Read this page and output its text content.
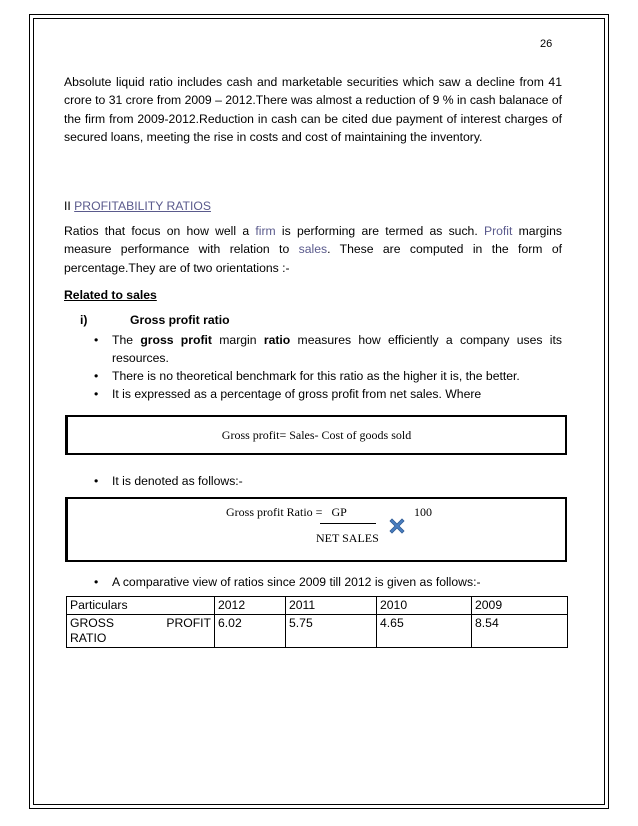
26
Absolute liquid ratio includes cash and marketable securities which saw a decline from 41 crore to 31 crore from 2009 – 2012.There was almost a reduction of 9 % in cash balanace of the firm from 2009-2012.Reduction in cash can be cited due payment of interest charges of secured loans, meeting the rise in costs and cost of maintaining the inventory.
II PROFITABILITY RATIOS
Ratios that focus on how well a firm is performing are termed as such. Profit margins measure performance with relation to sales. These are computed in the form of percentage.They are of two orientations :-
Related to sales
i)	Gross profit ratio
• The gross profit margin ratio measures how efficiently a company uses its resources.
• There is no theoretical benchmark for this ratio as the higher it is, the better.
• It is expressed as a percentage of gross profit from net sales. Where
Gross profit= Sales- Cost of goods sold
• It is denoted as follows:-
Gross profit Ratio = GP	100
NET SALES
• A comparative view of ratios since 2009 till 2012 is given as follows:-
Particulars	2012	2011	2010	2009

GROSS PROFIT
RATIO	6.02	5.75	4.65	8.54
